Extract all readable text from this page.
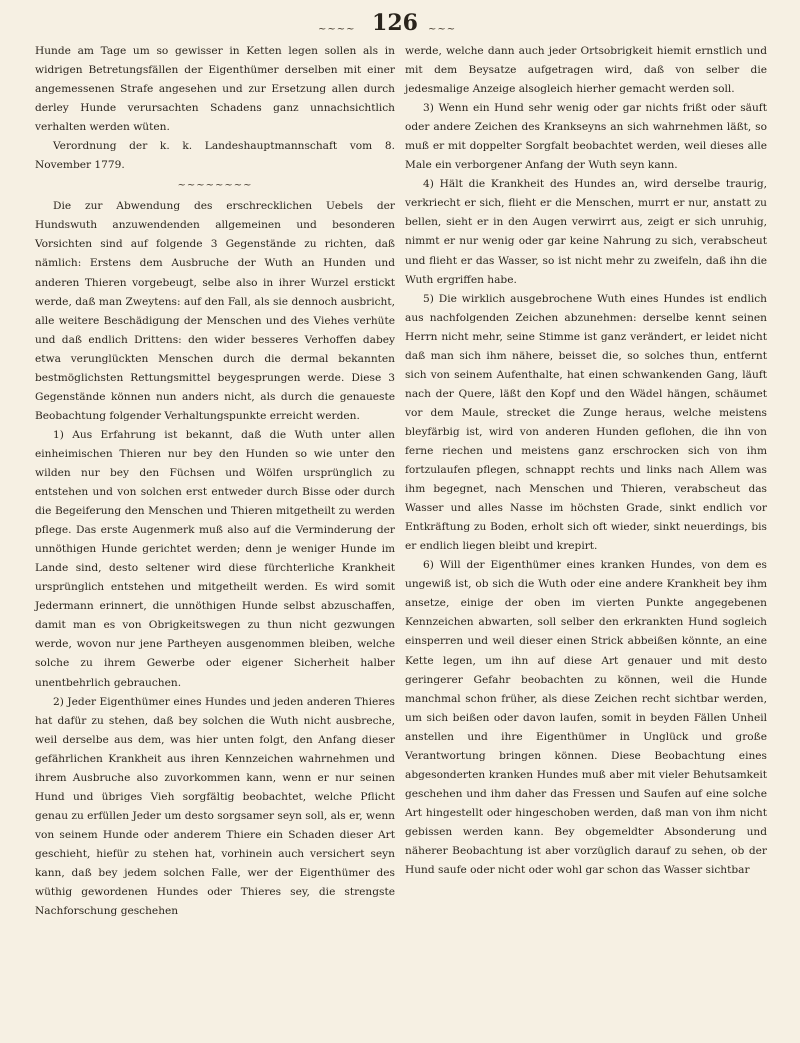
~~~~ 126 ~~~

Hunde am Tage um so gewisser in Ketten legen sollen als in widrigen Betretungsfällen der Eigenthümer derselben mit einer angemessenen Strafe angesehen und zur Ersetzung allen durch derley Hunde verursachten Schadens ganz unnachsichtlich verhalten werden wüten.

Verordnung der k. k. Landeshauptmannschaft vom 8. November 1779.

~~~~~~~~

Die zur Abwendung des erschrecklichen Uebels der Hundswuth anzuwendenden allgemeinen und besonderen Vorsichten sind auf folgende 3 Gegenstände zu richten, daß nämlich: Erstens dem Ausbruche der Wuth an Hunden und anderen Thieren vorgebeugt, selbe also in ihrer Wurzel erstickt werde, daß man Zweytens: auf den Fall, als sie dennoch ausbricht, alle weitere Beschädigung der Menschen und des Viehes verhüte und daß endlich Drittens: den wider besseres Verhoffen dabey etwa verunglückten Menschen durch die dermal bekannten bestmöglichsten Rettungsmittel beygesprungen werde. Diese 3 Gegenstände können nun anders nicht, als durch die genaueste Beobachtung folgender Verhaltungspunkte erreicht werden.

1) Aus Erfahrung ist bekannt, daß die Wuth unter allen einheimischen Thieren nur bey den Hunden so wie unter den wilden nur bey den Füchsen und Wölfen ursprünglich zu entstehen und von solchen erst entweder durch Bisse oder durch die Begeiferung den Menschen und Thieren mitgetheilt zu werden pflege. Das erste Augenmerk muß also auf die Verminderung der unnöthigen Hunde gerichtet werden; denn je weniger Hunde im Lande sind, desto seltener wird diese fürchterliche Krankheit ursprünglich entstehen und mitgetheilt werden. Es wird somit Jedermann erinnert, die unnöthigen Hunde selbst abzuschaffen, damit man es von Obrigkeitswegen zu thun nicht gezwungen werde, wovon nur jene Partheyen ausgenommen bleiben, welche solche zu ihrem Gewerbe oder eigener Sicherheit halber unentbehrlich gebrauchen.

2) Jeder Eigenthümer eines Hundes und jeden anderen Thieres hat dafür zu stehen, daß bey solchen die Wuth nicht ausbreche, weil derselbe aus dem, was hier unten folgt, den Anfang dieser gefährlichen Krankheit aus ihren Kennzeichen wahrnehmen und ihrem Ausbruche also zuvorkommen kann, wenn er nur seinen Hund und übriges Vieh sorgfältig beobachtet, welche Pflicht genau zu erfüllen Jeder um desto sorgsamer seyn soll, als er, wenn von seinem Hunde oder anderem Thiere ein Schaden dieser Art geschieht, hiefür zu stehen hat, vorhinein auch versichert seyn kann, daß bey jedem solchen Falle, wer der Eigenthümer des wüthig gewordenen Hundes oder Thieres sey, die strengste Nachforschung geschehen

werde, welche dann auch jeder Ortsobrigkeit hiemit ernstlich und mit dem Beysatze aufgetragen wird, daß von selber die jedesmalige Anzeige alsogleich hierher gemacht werden soll.

3) Wenn ein Hund sehr wenig oder gar nichts frißt oder säuft oder andere Zeichen des Krankseyns an sich wahrnehmen läßt, so muß er mit doppelter Sorgfalt beobachtet werden, weil dieses alle Male ein verborgener Anfang der Wuth seyn kann.

4) Hält die Krankheit des Hundes an, wird derselbe traurig, verkriecht er sich, flieht er die Menschen, murrt er nur, anstatt zu bellen, sieht er in den Augen verwirrt aus, zeigt er sich unruhig, nimmt er nur wenig oder gar keine Nahrung zu sich, verabscheut und flieht er das Wasser, so ist nicht mehr zu zweifeln, daß ihn die Wuth ergriffen habe.

5) Die wirklich ausgebrochene Wuth eines Hundes ist endlich aus nachfolgenden Zeichen abzunehmen: derselbe kennt seinen Herrn nicht mehr, seine Stimme ist ganz verändert, er leidet nicht daß man sich ihm nähere, beisset die, so solches thun, entfernt sich von seinem Aufenthalte, hat einen schwankenden Gang, läuft nach der Quere, läßt den Kopf und den Wädel hängen, schäumet vor dem Maule, strecket die Zunge heraus, welche meistens bleyfärbig ist, wird von anderen Hunden geflohen, die ihn von ferne riechen und meistens ganz erschrocken sich von ihm fortzulaufen pflegen, schnappt rechts und links nach Allem was ihm begegnet, nach Menschen und Thieren, verabscheut das Wasser und alles Nasse im höchsten Grade, sinkt endlich vor Entkräftung zu Boden, erholt sich oft wieder, sinkt neuerdings, bis er endlich liegen bleibt und krepirt.

6) Will der Eigenthümer eines kranken Hundes, von dem es ungewiß ist, ob sich die Wuth oder eine andere Krankheit bey ihm ansetze, einige der oben im vierten Punkte angegebenen Kennzeichen abwarten, soll selber den erkrankten Hund sogleich einsperren und weil dieser einen Strick abbeißen könnte, an eine Kette legen, um ihn auf diese Art genauer und mit desto geringerer Gefahr beobachten zu können, weil die Hunde manchmal schon früher, als diese Zeichen recht sichtbar werden, um sich beißen oder davon laufen, somit in beyden Fällen Unheil anstellen und ihre Eigenthümer in Unglück und große Verantwortung bringen können. Diese Beobachtung eines abgesonderten kranken Hundes muß aber mit vieler Behutsamkeit geschehen und ihm daher das Fressen und Saufen auf eine solche Art hingestellt oder hingeschoben werden, daß man von ihm nicht gebissen werden kann. Bey obgemeldter Absonderung und näherer Beobachtung ist aber vorzüglich darauf zu sehen, ob der Hund saufe oder nicht oder wohl gar schon das Wasser sichtbar
